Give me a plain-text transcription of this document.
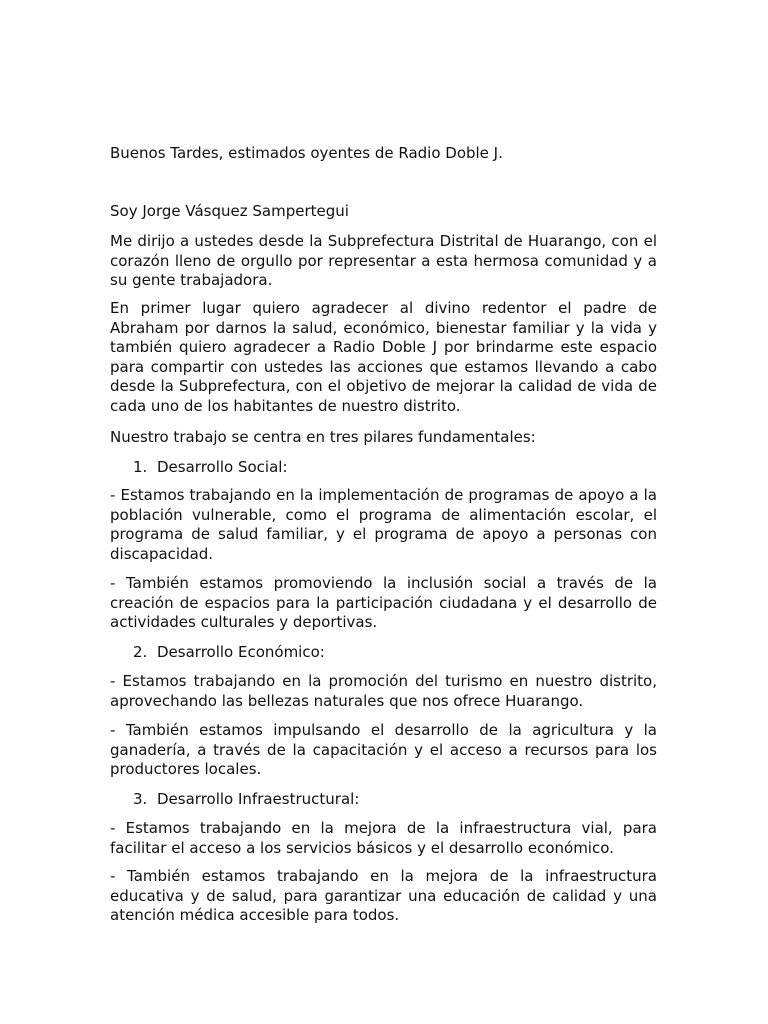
Buenos Tardes, estimados oyentes de Radio Doble J.

Soy Jorge Vásquez Sampertegui

Me dirijo a ustedes desde la Subprefectura Distrital de Huarango, con el corazón lleno de orgullo por representar a esta hermosa comunidad y a su gente trabajadora.

En primer lugar quiero agradecer al divino redentor el padre de Abraham por darnos la salud, económico, bienestar familiar y la vida y también quiero agradecer a Radio Doble J por brindarme este espacio para compartir con ustedes las acciones que estamos llevando a cabo desde la Subprefectura, con el objetivo de mejorar la calidad de vida de cada uno de los habitantes de nuestro distrito.

Nuestro trabajo se centra en tres pilares fundamentales:

1. Desarrollo Social:

- Estamos trabajando en la implementación de programas de apoyo a la población vulnerable, como el programa de alimentación escolar, el programa de salud familiar, y el programa de apoyo a personas con discapacidad.

- También estamos promoviendo la inclusión social a través de la creación de espacios para la participación ciudadana y el desarrollo de actividades culturales y deportivas.

2. Desarrollo Económico:

- Estamos trabajando en la promoción del turismo en nuestro distrito, aprovechando las bellezas naturales que nos ofrece Huarango.

- También estamos impulsando el desarrollo de la agricultura y la ganadería, a través de la capacitación y el acceso a recursos para los productores locales.

3. Desarrollo Infraestructural:

- Estamos trabajando en la mejora de la infraestructura vial, para facilitar el acceso a los servicios básicos y el desarrollo económico.

- También estamos trabajando en la mejora de la infraestructura educativa y de salud, para garantizar una educación de calidad y una atención médica accesible para todos.
